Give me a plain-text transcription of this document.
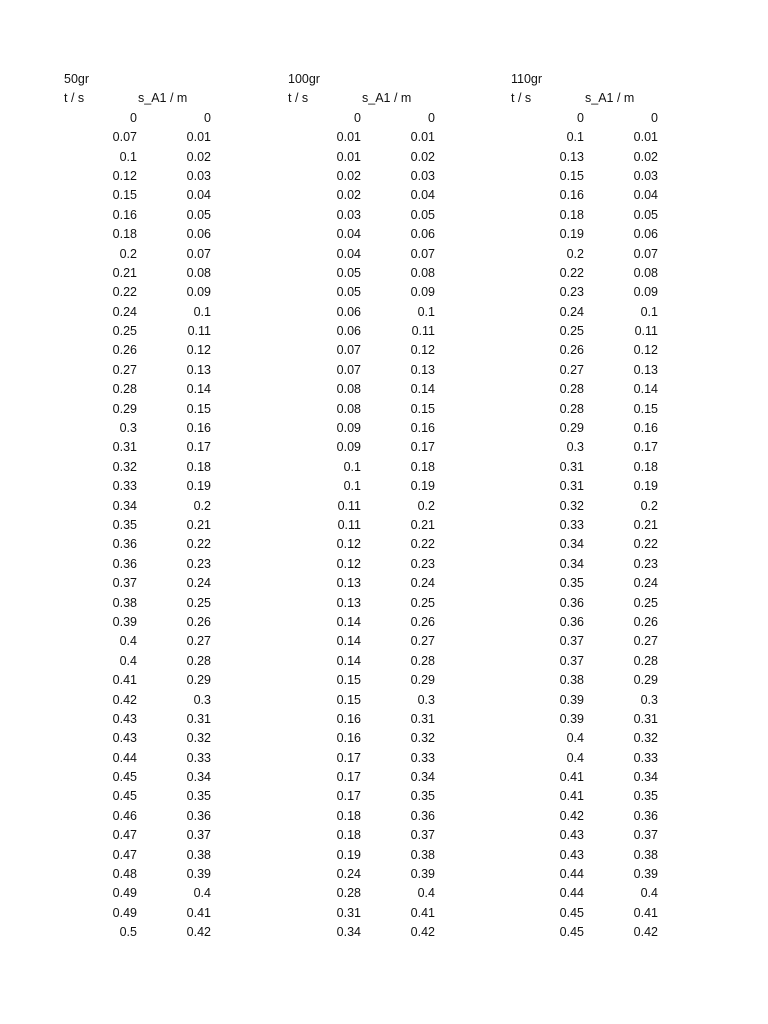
50gr
t / s	s_A1 / m
0	0
0.07	0.01
0.1	0.02
0.12	0.03
0.15	0.04
0.16	0.05
0.18	0.06
0.2	0.07
0.21	0.08
0.22	0.09
0.24	0.1
0.25	0.11
0.26	0.12
0.27	0.13
0.28	0.14
0.29	0.15
0.3	0.16
0.31	0.17
0.32	0.18
0.33	0.19
0.34	0.2
0.35	0.21
0.36	0.22
0.36	0.23
0.37	0.24
0.38	0.25
0.39	0.26
0.4	0.27
0.4	0.28
0.41	0.29
0.42	0.3
0.43	0.31
0.43	0.32
0.44	0.33
0.45	0.34
0.45	0.35
0.46	0.36
0.47	0.37
0.47	0.38
0.48	0.39
0.49	0.4
0.49	0.41
0.5	0.42
100gr
t / s	s_A1 / m
0	0
0.01	0.01
0.01	0.02
0.02	0.03
0.02	0.04
0.03	0.05
0.04	0.06
0.04	0.07
0.05	0.08
0.05	0.09
0.06	0.1
0.06	0.11
0.07	0.12
0.07	0.13
0.08	0.14
0.08	0.15
0.09	0.16
0.09	0.17
0.1	0.18
0.1	0.19
0.11	0.2
0.11	0.21
0.12	0.22
0.12	0.23
0.13	0.24
0.13	0.25
0.14	0.26
0.14	0.27
0.14	0.28
0.15	0.29
0.15	0.3
0.16	0.31
0.16	0.32
0.17	0.33
0.17	0.34
0.17	0.35
0.18	0.36
0.18	0.37
0.19	0.38
0.24	0.39
0.28	0.4
0.31	0.41
0.34	0.42
110gr
t / s	s_A1 / m
0	0
0.1	0.01
0.13	0.02
0.15	0.03
0.16	0.04
0.18	0.05
0.19	0.06
0.2	0.07
0.22	0.08
0.23	0.09
0.24	0.1
0.25	0.11
0.26	0.12
0.27	0.13
0.28	0.14
0.28	0.15
0.29	0.16
0.3	0.17
0.31	0.18
0.31	0.19
0.32	0.2
0.33	0.21
0.34	0.22
0.34	0.23
0.35	0.24
0.36	0.25
0.36	0.26
0.37	0.27
0.37	0.28
0.38	0.29
0.39	0.3
0.39	0.31
0.4	0.32
0.4	0.33
0.41	0.34
0.41	0.35
0.42	0.36
0.43	0.37
0.43	0.38
0.44	0.39
0.44	0.4
0.45	0.41
0.45	0.42
